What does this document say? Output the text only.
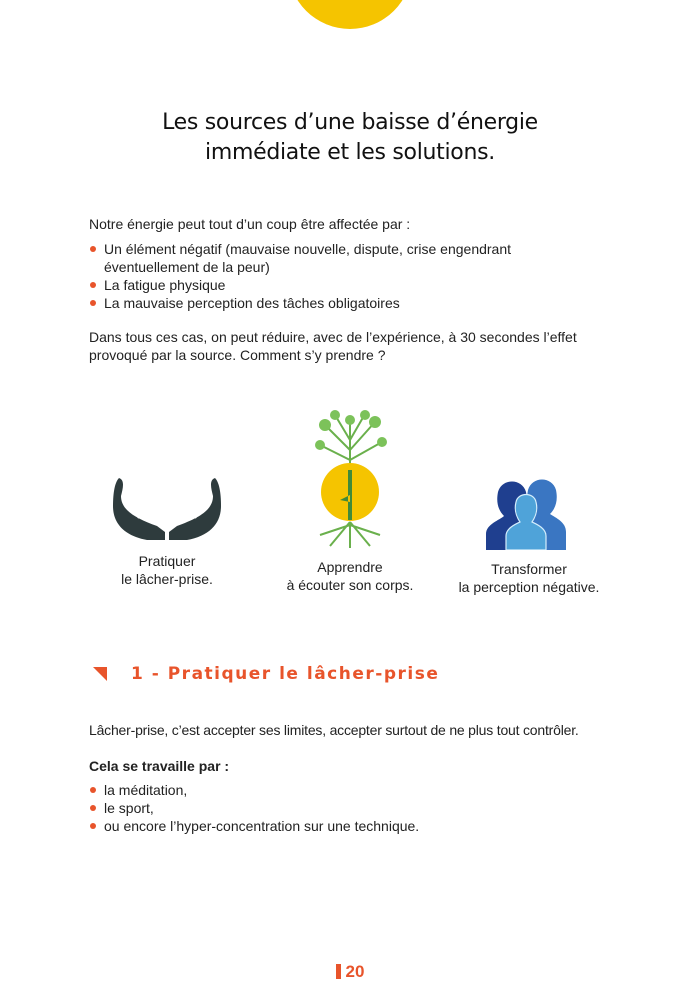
Les sources d’une baisse d’énergie
immédiate et les solutions.
Notre énergie peut tout d’un coup être affectée par :
Un élément négatif (mauvaise nouvelle, dispute, crise engendrant éventuellement de la peur)
La fatigue physique
La mauvaise perception des tâches obligatoires
Dans tous ces cas, on peut réduire, avec de l’expérience, à 30 secondes l’effet provoqué par la source. Comment s’y prendre ?
Pratiquer
le lâcher-prise.
Apprendre
à écouter son corps.
Transformer
la perception négative.
1 - Pratiquer le lâcher-prise
Lâcher-prise, c’est accepter ses limites, accepter surtout de ne plus tout contrôler.
Cela se travaille par :
la méditation,
le sport,
ou encore l’hyper-concentration sur une technique.
20
